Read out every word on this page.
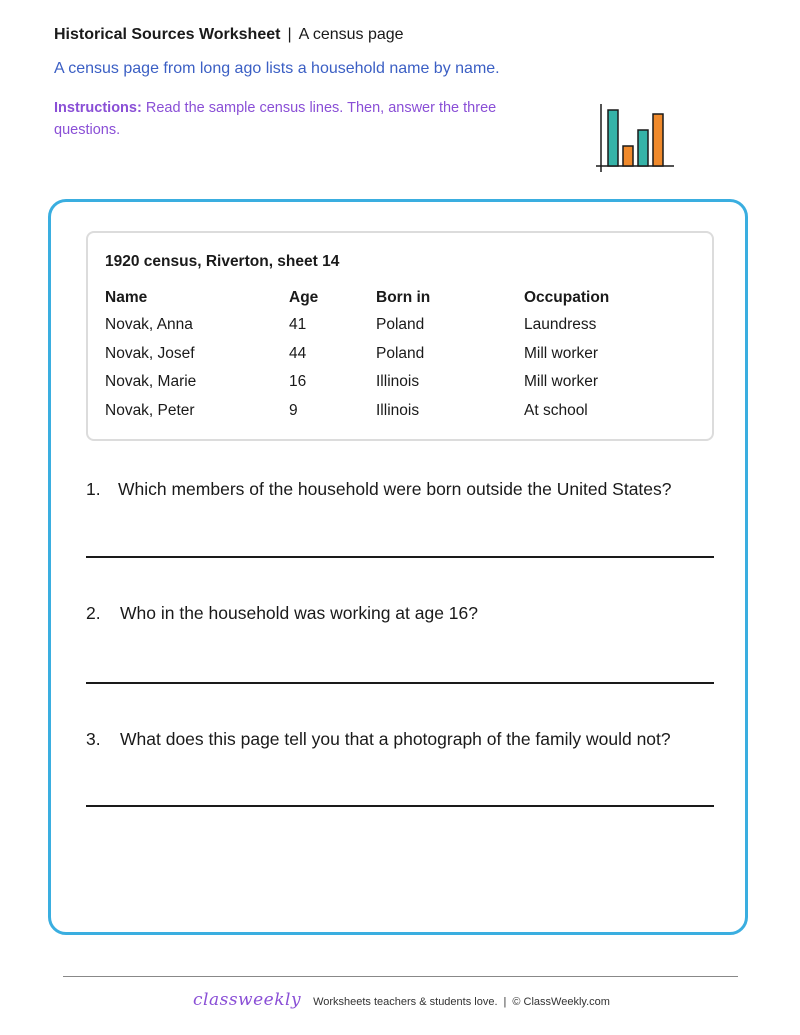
Historical Sources Worksheet | A census page
A census page from long ago lists a household name by name.
Instructions: Read the sample census lines. Then, answer the three questions.
1920 census, Riverton, sheet 14
Name	Age	Born in	Occupation
Novak, Anna	41	Poland	Laundress
Novak, Josef	44	Poland	Mill worker
Novak, Marie	16	Illinois	Mill worker
Novak, Peter	9	Illinois	At school
1. Which members of the household were born outside the United States?
2. Who in the household was working at age 16?
3. What does this page tell you that a photograph of the family would not?
classweekly Worksheets teachers & students love. | © ClassWeekly.com
